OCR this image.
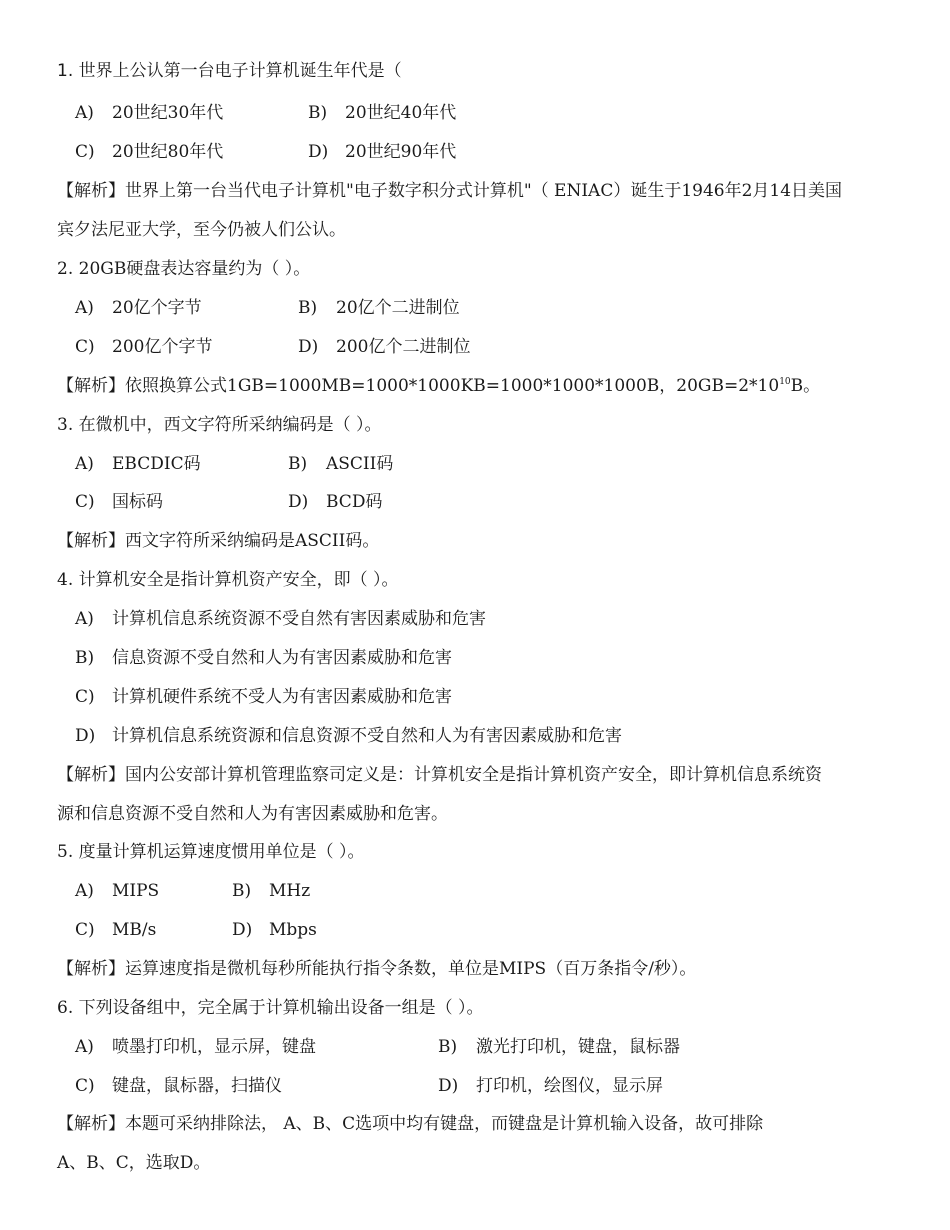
1. 世界上公认第一台电子计算机诞生年代是（
A) 20世纪30年代	B) 20世纪40年代
C) 20世纪80年代	D) 20世纪90年代
【解析】世界上第一台当代电子计算机"电子数字积分式计算机"（ ENIAC）诞生于1946年2月14日美国
宾夕法尼亚大学，至今仍被人们公认。
2. 20GB硬盘表达容量约为（ ）。
A) 20亿个字节	B) 20亿个二进制位
C) 200亿个字节	D) 200亿个二进制位
【解析】依照换算公式1GB=1000MB=1000*1000KB=1000*1000*1000B，$20GB=2*10^{10}B$。
3. 在微机中，西文字符所采纳编码是（ ）。
A) EBCDIC码	B) ASCII码
C) 国标码	D) BCD码
【解析】西文字符所采纳编码是ASCII码。
4. 计算机安全是指计算机资产安全，即（ ）。
A) 计算机信息系统资源不受自然有害因素威胁和危害
B) 信息资源不受自然和人为有害因素威胁和危害
C) 计算机硬件系统不受人为有害因素威胁和危害
D) 计算机信息系统资源和信息资源不受自然和人为有害因素威胁和危害
【解析】国内公安部计算机管理监察司定义是：计算机安全是指计算机资产安全，即计算机信息系统资
源和信息资源不受自然和人为有害因素威胁和危害。
5. 度量计算机运算速度惯用单位是（ ）。
A) MIPS	B) MHz
C) MB/s	D) Mbps
【解析】运算速度指是微机每秒所能执行指令条数，单位是MIPS（百万条指令/秒）。
6. 下列设备组中，完全属于计算机输出设备一组是（ ）。
A) 喷墨打印机，显示屏，键盘	B) 激光打印机，键盘，鼠标器
C) 键盘，鼠标器，扫描仪	D) 打印机，绘图仪，显示屏
【解析】本题可采纳排除法， A、B、C选项中均有键盘，而键盘是计算机输入设备，故可排除
A、B、C，选取D。
